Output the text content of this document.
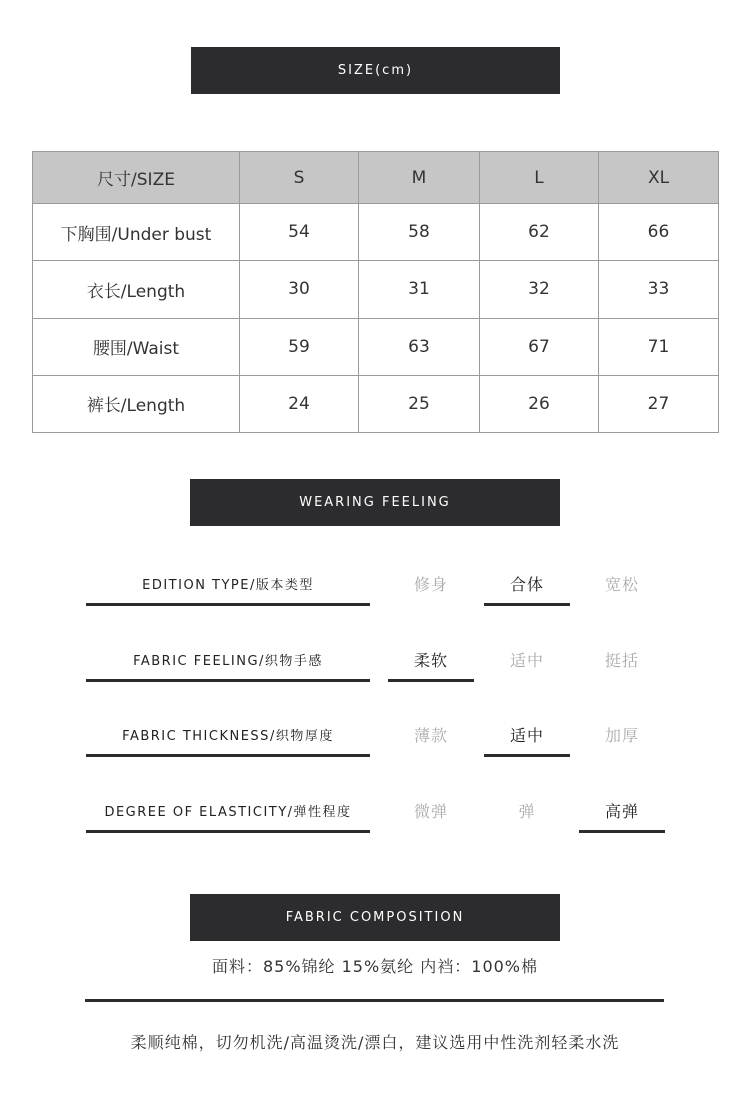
SIZE(cm)
尺寸/SIZE	S	M	L	XL
下胸围/Under bust	54	58	62	66
衣长/Length	30	31	32	33
腰围/Waist	59	63	67	71
裤长/Length	24	25	26	27
WEARING FEELING
EDITION TYPE/版本类型	修身	合体	宽松
FABRIC FEELING/织物手感	柔软	适中	挺括
FABRIC THICKNESS/织物厚度	薄款	适中	加厚
DEGREE OF ELASTICITY/弹性程度	微弹	弹	高弹
FABRIC COMPOSITION
面料：85%锦纶 15%氨纶 内裆：100%棉
柔顺纯棉，切勿机洗/高温烫洗/漂白，建议选用中性洗剂轻柔水洗
